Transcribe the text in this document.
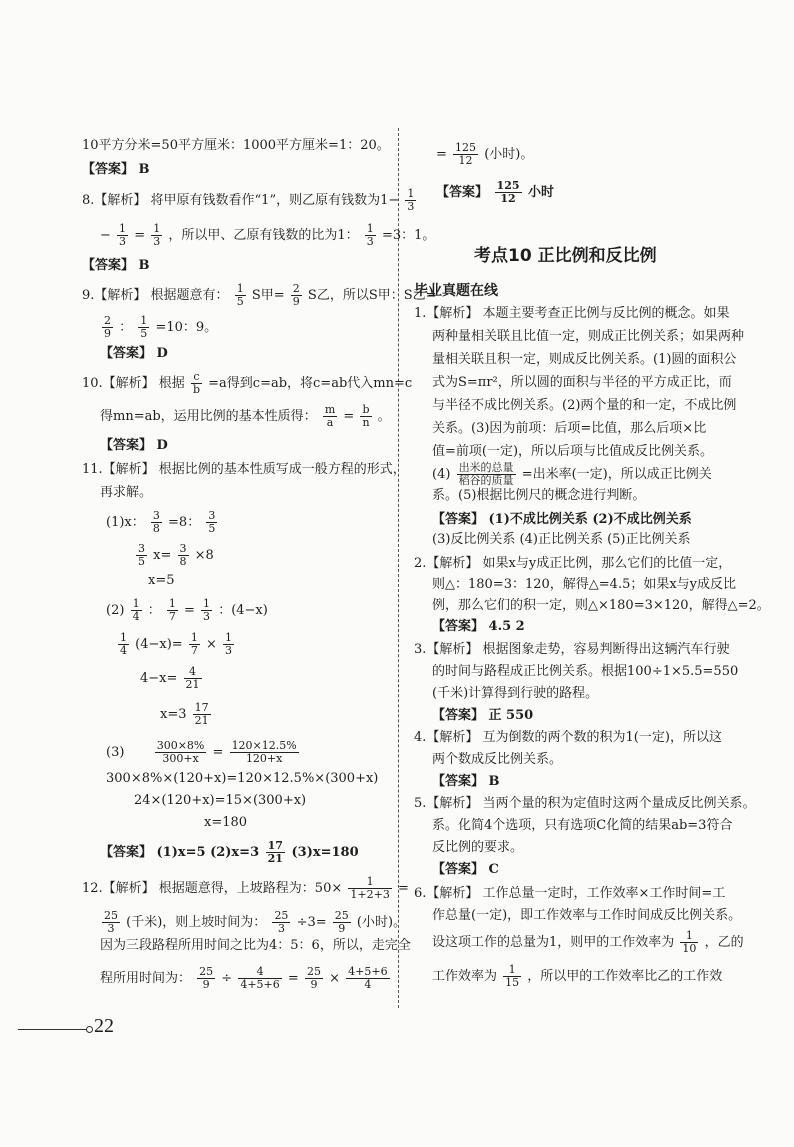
10平方分米=50平方厘米：1000平方厘米=1：20。
【答案】 B
8.【解析】 将甲原有钱数看作“1”，则乙原有钱数为$1- \frac{1}{3}$
− $\frac{1}{3} = \frac{1}{3}$ ，所以甲、乙原有钱数的比为1： $\frac{1}{3} =3$：1。
【答案】 B
9.【解析】 根据题意有： $\frac{1}{5}$ S甲= $\frac{2}{9}$ S乙，所以S甲：S乙=
$\frac{2}{9}$ ： $\frac{1}{5} =10$：9。
【答案】 D
10.【解析】 根据 $\frac{c}{b} =a$得到c=ab，将c=ab代入mn=c
得mn=ab，运用比例的基本性质得： $\frac{m}{a} = \frac{b}{n}$ 。
【答案】 D
11.【解析】 根据比例的基本性质写成一般方程的形式，
再求解。
(1)x： $\frac{3}{8} =8$： $\frac{3}{5}$
$\frac{3}{5} x= \frac{3}{8} \times 8$
x=5
$(2) \frac{1}{4}$ ： $\frac{1}{7} = \frac{1}{3}$ ：(4−x)
$\frac{1}{4} (4-x)= \frac{1}{7} \times \frac{1}{3}$
$4-x= \frac{4}{21}$
$x=3 \frac{17}{21}$
(3)	$\frac{300\times 8\%}{300+x} = \frac{120\times 12.5\%}{120+x}$
300×8%×(120+x)=120×12.5%×(300+x)
24×(120+x)=15×(300+x)
x=180
【答案】 (1)x=5 $(2)x=3 \frac{17}{21} (3)x=180$
12.【解析】 根据题意得，上坡路程为：$50\times \frac{1}{1+2+3}$ =
$\frac{25}{3}$ (千米)，则上坡时间为： $\frac{25}{3} \div 3= \frac{25}{9}$ (小时)。
因为三段路程所用时间之比为4：5：6，所以，走完全
程所用时间为： $\frac{25}{9} \div \frac{4}{4+5+6} = \frac{25}{9} \times \frac{4+5+6}{4}$
= $\frac{125}{12}$ (小时)。
【答案】 $\frac{125}{12}$ 小时
考点10 正比例和反比例
毕业真题在线
1.【解析】 本题主要考查正比例与反比例的概念。如果
两种量相关联且比值一定，则成正比例关系；如果两种
量相关联且积一定，则成反比例关系。(1)圆的面积公
式为S=πr²，所以圆的面积与半径的平方成正比，而
与半径不成比例关系。(2)两个量的和一定，不成比例
关系。(3)因为前项：后项=比值，那么后项×比
值=前项(一定)，所以后项与比值成反比例关系。
$(4) \frac{\text{出米的总量}}{\text{稻谷的质量}}$ =出米率(一定)，所以成正比例关
系。(5)根据比例尺的概念进行判断。
【答案】 (1)不成比例关系 (2)不成比例关系
(3)反比例关系 (4)正比例关系 (5)正比例关系
2.【解析】 如果x与y成正比例，那么它们的比值一定，
则△：180=3：120，解得△=4.5；如果x与y成反比
例，那么它们的积一定，则△×180=3×120，解得△=2。
【答案】 4.5 2
3.【解析】 根据图象走势，容易判断得出这辆汽车行驶
的时间与路程成正比例关系。根据100÷1×5.5=550
(千米)计算得到行驶的路程。
【答案】 正 550
4.【解析】 互为倒数的两个数的积为1(一定)，所以这
两个数成反比例关系。
【答案】 B
5.【解析】 当两个量的积为定值时这两个量成反比例关系。
系。化简4个选项，只有选项C化简的结果ab=3符合
反比例的要求。
【答案】 C
6.【解析】 工作总量一定时，工作效率×工作时间=工
作总量(一定)，即工作效率与工作时间成反比例关系。
设这项工作的总量为1，则甲的工作效率为 $\frac{1}{10}$ ，乙的
工作效率为 $\frac{1}{15}$ ，所以甲的工作效率比乙的工作效
22
